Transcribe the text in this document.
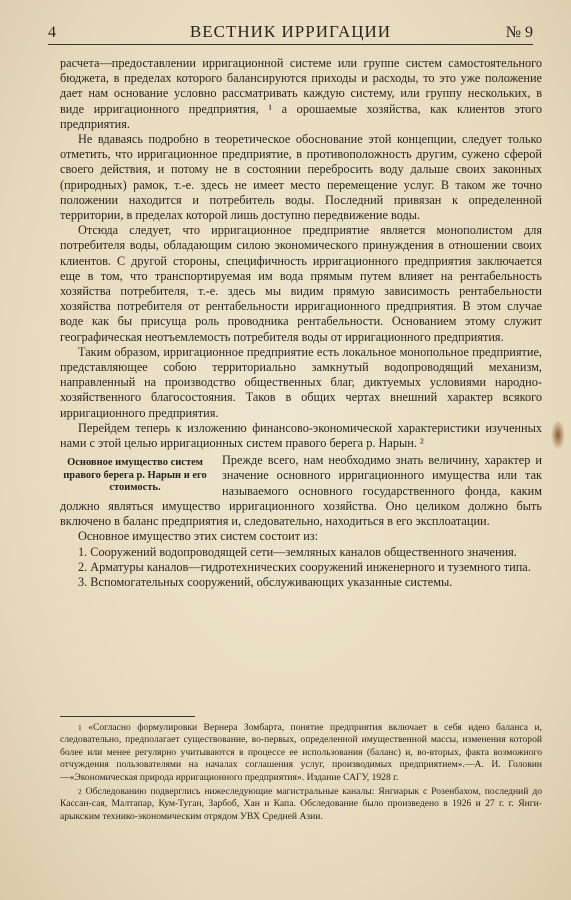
4	ВЕСТНИК ИРРИГАЦИИ	№ 9

расчета—предоставлении ирригационной системе или группе систем самостоятельного бюджета, в пределах которого балансируются приходы и расходы, то это уже положение дает нам основание условно рассматривать каждую систему, или группу нескольких, в виде ирригационного предприятия, ¹ а орошаемые хозяйства, как клиентов этого предприятия.

Не вдаваясь подробно в теоретическое обоснование этой концепции, следует только отметить, что ирригационное предприятие, в противоположность другим, сужено сферой своего действия, и потому не в состоянии перебросить воду дальше своих законных (природных) рамок, т.-е. здесь не имеет место перемещение услуг. В таком же точно положении находится и потребитель воды. Последний привязан к определенной территории, в пределах которой лишь доступно передвижение воды.

Отсюда следует, что ирригационное предприятие является монополистом для потребителя воды, обладающим силою экономического принуждения в отношении своих клиентов. С другой стороны, специфичность ирригационного предприятия заключается еще в том, что транспортируемая им вода прямым путем влияет на рентабельность хозяйства потребителя, т.-е. здесь мы видим прямую зависимость рентабельности хозяйства потребителя от рентабельности ирригационного предприятия. В этом случае воде как бы присуща роль проводника рентабельности. Основанием этому служит географическая неотъемлемость потребителя воды от ирригационного предприятия.

Таким образом, ирригационное предприятие есть локальное монопольное предприятие, представляющее собою территориально замкнутый водопроводящий механизм, направленный на производство общественных благ, диктуемых условиями народно-хозяйственного благосостояния. Таков в общих чертах внешний характер всякого ирригационного предприятия.

Перейдем теперь к изложению финансово-экономической характеристики изученных нами с этой целью ирригационных систем правого берега р. Нарын. ²

Основное имущество систем правого берега р. Нарын и его стоимость.

Прежде всего, нам необходимо знать величину, характер и значение основного ирригационного имущества или так называемого основного государственного фонда, каким должно являться имущество ирригационного хозяйства. Оно целиком должно быть включено в баланс предприятия и, следовательно, находиться в его эксплоатации.

Основное имущество этих систем состоит из:

1. Сооружений водопроводящей сети—земляных каналов общественного значения.

2. Арматуры каналов—гидротехнических сооружений инженерного и туземного типа.

3. Вспомогательных сооружений, обслуживающих указанные системы.

$^1$ «Согласно формулировки Вернера Зомбарта, понятие предприятия включает в себя идею баланса и, следовательно, предполагает существование, во-первых, определенной имущественной массы, изменения которой более или менее регулярно учитываются в процессе ее использования (баланс) и, во-вторых, факта возможного отчуждения пользователями на началах соглашения услуг, производимых предприятием».—А. И. Головин—«Экономическая природа ирригационного предприятия». Издание САГУ, 1928 г.

$^2$ Обследованию подверглись нижеследующие магистральные каналы: Янгиарык с Розенбахом, последний до Кассан-сая, Малтапар, Кум-Туган, Зарбоб, Хан и Капа. Обследование было произведено в 1926 и 27 г. г. Янги-арыкским технико-экономическим отрядом УВХ Средней Азии.
